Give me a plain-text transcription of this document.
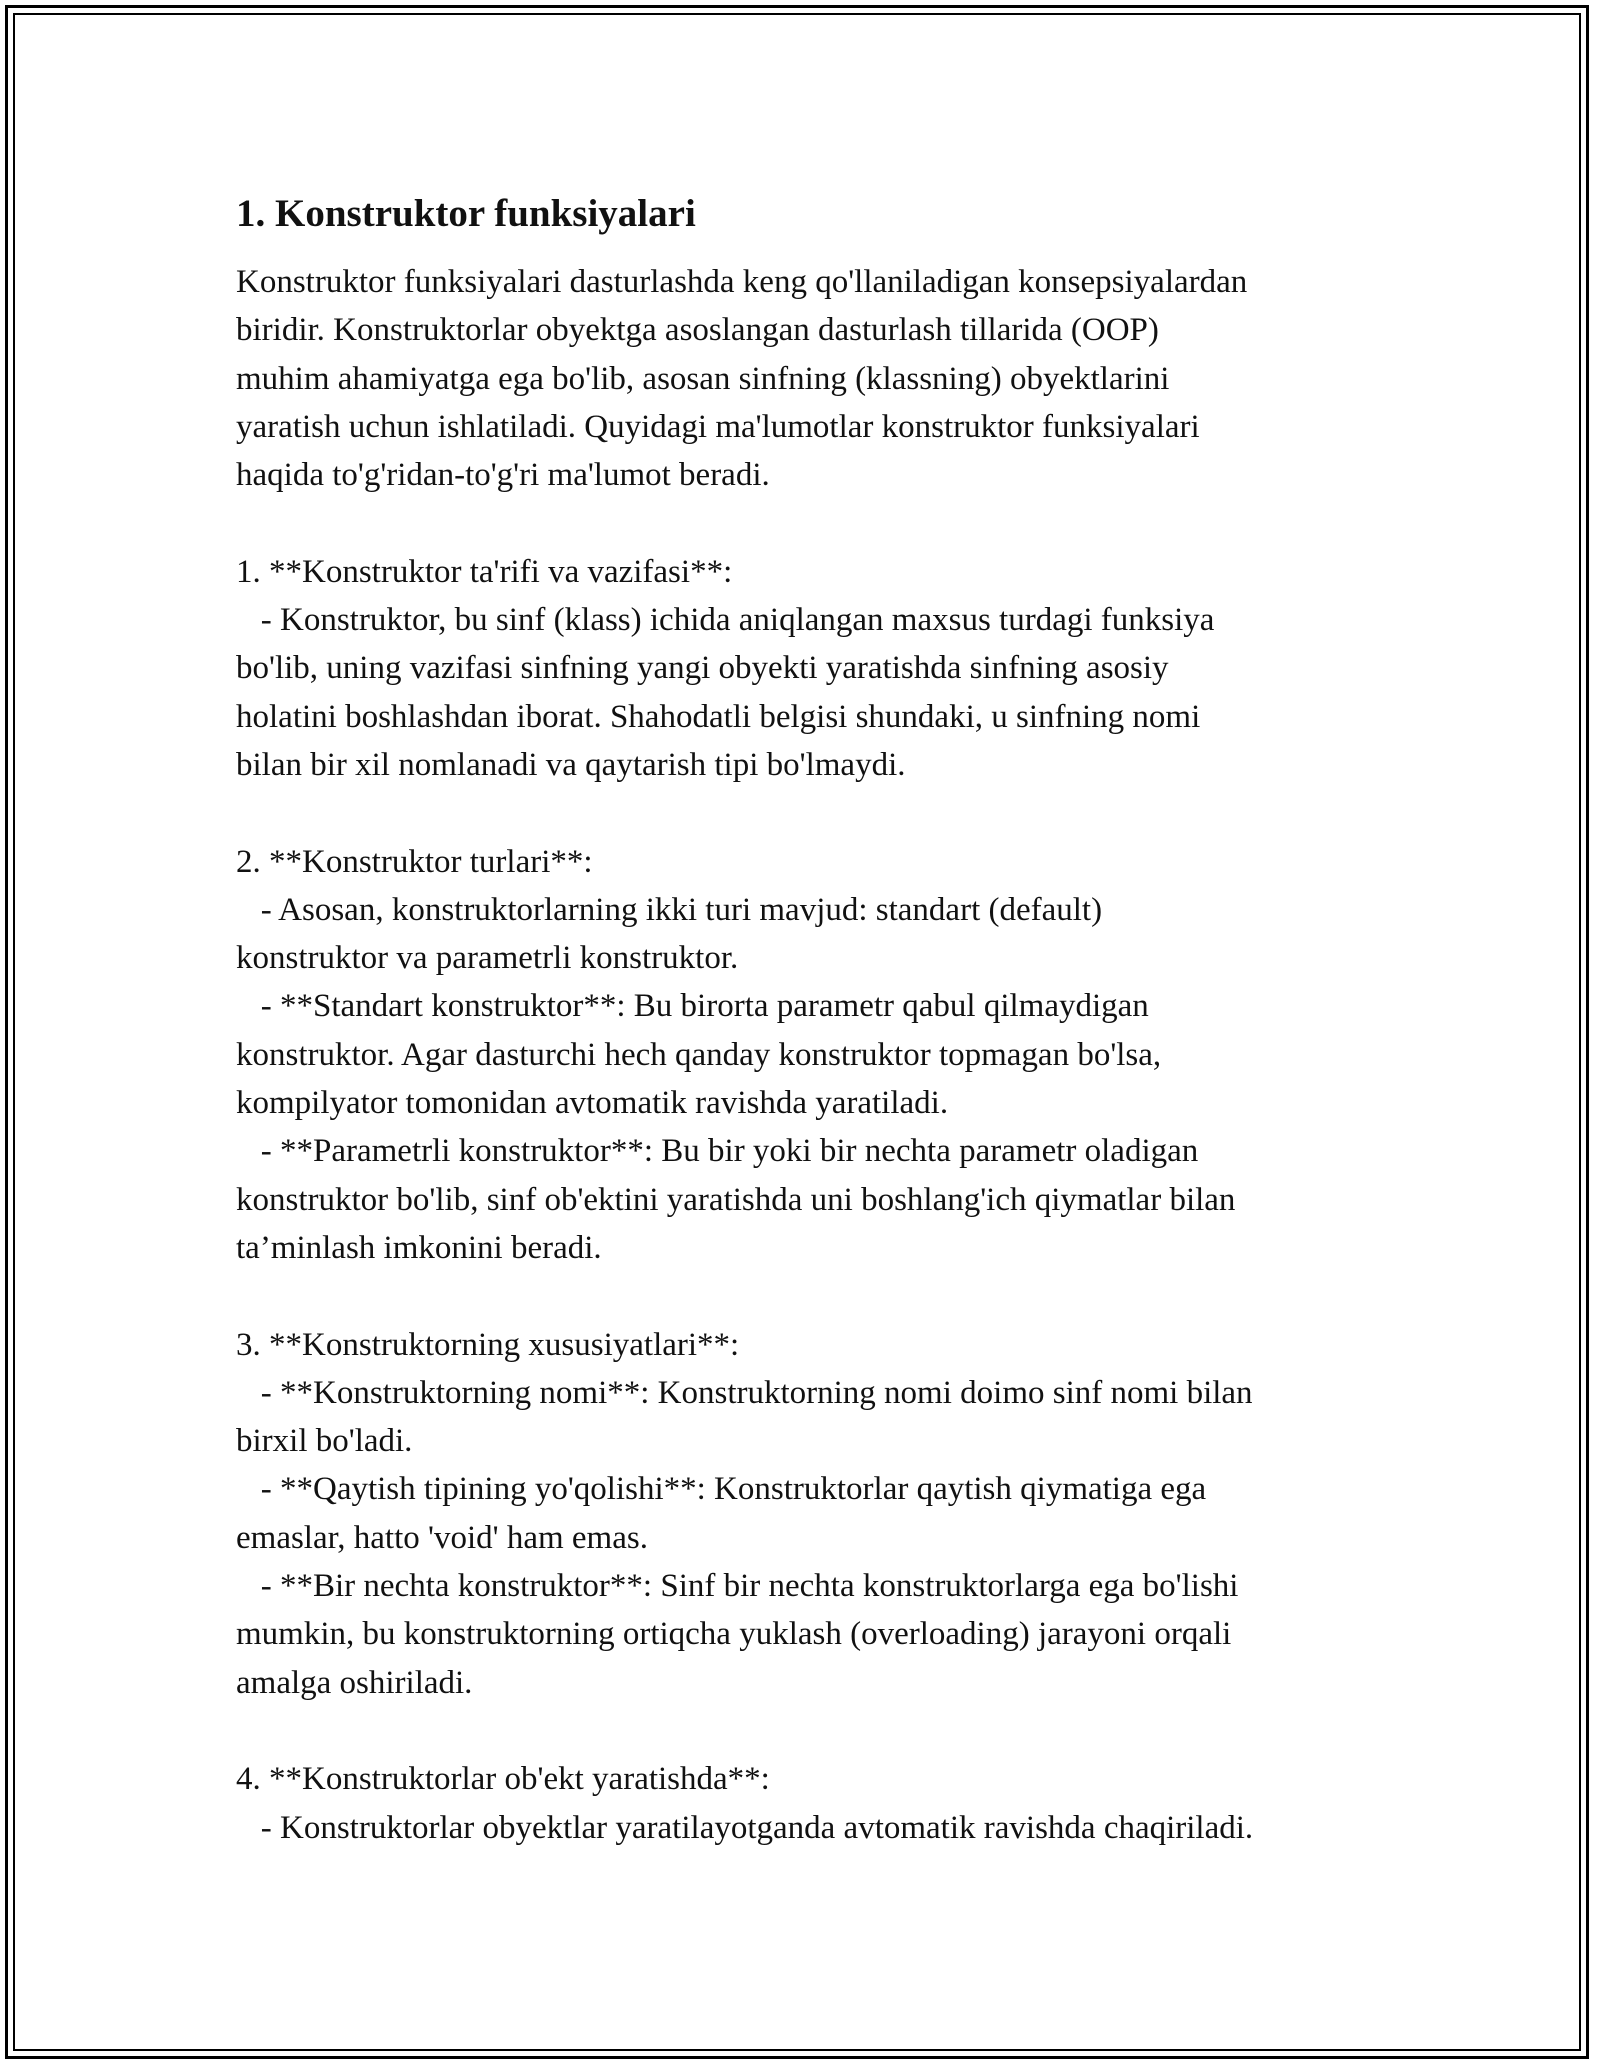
1. Konstruktor funksiyalari

Konstruktor funksiyalari dasturlashda keng qo'llaniladigan konsepsiyalardan

biridir. Konstruktorlar obyektga asoslangan dasturlash tillarida (OOP)

muhim ahamiyatga ega bo'lib, asosan sinfning (klassning) obyektlarini

yaratish uchun ishlatiladi. Quyidagi ma'lumotlar konstruktor funksiyalari

haqida to'g'ridan-to'g'ri ma'lumot beradi.

1. **Konstruktor ta'rifi va vazifasi**:

- Konstruktor, bu sinf (klass) ichida aniqlangan maxsus turdagi funksiya

bo'lib, uning vazifasi sinfning yangi obyekti yaratishda sinfning asosiy

holatini boshlashdan iborat. Shahodatli belgisi shundaki, u sinfning nomi

bilan bir xil nomlanadi va qaytarish tipi bo'lmaydi.

2. **Konstruktor turlari**:

- Asosan, konstruktorlarning ikki turi mavjud: standart (default)

konstruktor va parametrli konstruktor.

- **Standart konstruktor**: Bu birorta parametr qabul qilmaydigan

konstruktor. Agar dasturchi hech qanday konstruktor topmagan bo'lsa,

kompilyator tomonidan avtomatik ravishda yaratiladi.

- **Parametrli konstruktor**: Bu bir yoki bir nechta parametr oladigan

konstruktor bo'lib, sinf ob'ektini yaratishda uni boshlang'ich qiymatlar bilan

ta’minlash imkonini beradi.

3. **Konstruktorning xususiyatlari**:

- **Konstruktorning nomi**: Konstruktorning nomi doimo sinf nomi bilan

birxil bo'ladi.

- **Qaytish tipining yo'qolishi**: Konstruktorlar qaytish qiymatiga ega

emaslar, hatto 'void' ham emas.

- **Bir nechta konstruktor**: Sinf bir nechta konstruktorlarga ega bo'lishi

mumkin, bu konstruktorning ortiqcha yuklash (overloading) jarayoni orqali

amalga oshiriladi.

4. **Konstruktorlar ob'ekt yaratishda**:

- Konstruktorlar obyektlar yaratilayotganda avtomatik ravishda chaqiriladi.
